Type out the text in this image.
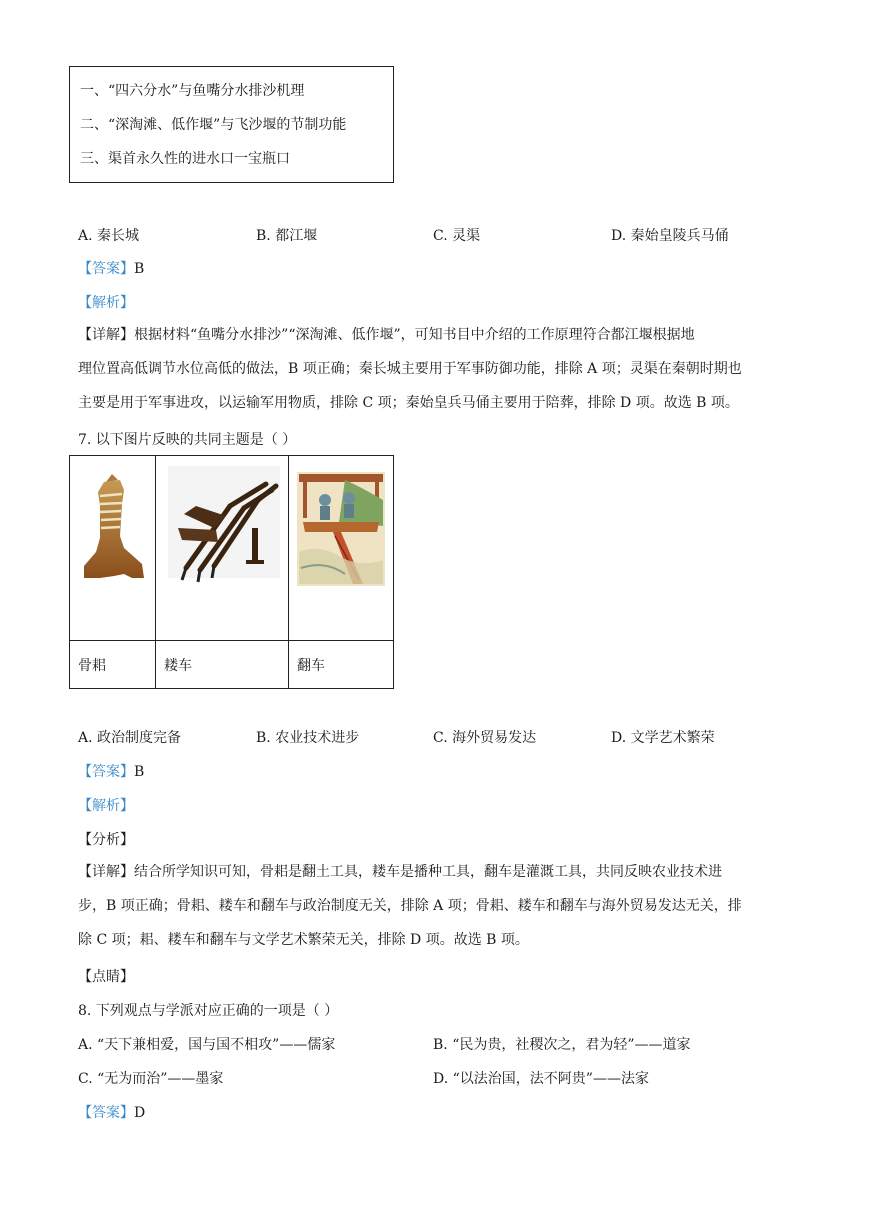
一、“四六分水”与鱼嘴分水排沙机理
二、“深淘滩、低作堰”与飞沙堰的节制功能
三、渠首永久性的进水口一宝瓶口
A. 秦长城	B. 都江堰	C. 灵渠	D. 秦始皇陵兵马俑
【答案】B
【解析】
【详解】根据材料“鱼嘴分水排沙”“深淘滩、低作堰”，可知书目中介绍的工作原理符合都江堰根据地
理位置高低调节水位高低的做法，B 项正确；秦长城主要用于军事防御功能，排除 A 项；灵渠在秦朝时期也
主要是用于军事进攻，以运输军用物质，排除 C 项；秦始皇兵马俑主要用于陪葬，排除 D 项。故选 B 项。
7. 以下图片反映的共同主题是（ ）

骨耜	耧车	翻车
A. 政治制度完备	B. 农业技术进步	C. 海外贸易发达	D. 文学艺术繁荣
【答案】B
【解析】
【分析】
【详解】结合所学知识可知，骨耜是翻土工具，耧车是播种工具，翻车是灌溉工具，共同反映农业技术进
步，B 项正确；骨耜、耧车和翻车与政治制度无关，排除 A 项；骨耜、耧车和翻车与海外贸易发达无关，排
除 C 项；耜、耧车和翻车与文学艺术繁荣无关，排除 D 项。故选 B 项。
【点睛】
8. 下列观点与学派对应正确的一项是（ ）
A. “天下兼相爱，国与国不相攻”——儒家	B. “民为贵，社稷次之，君为轻”——道家
C. “无为而治”——墨家	D. “以法治国，法不阿贵”——法家
【答案】D
